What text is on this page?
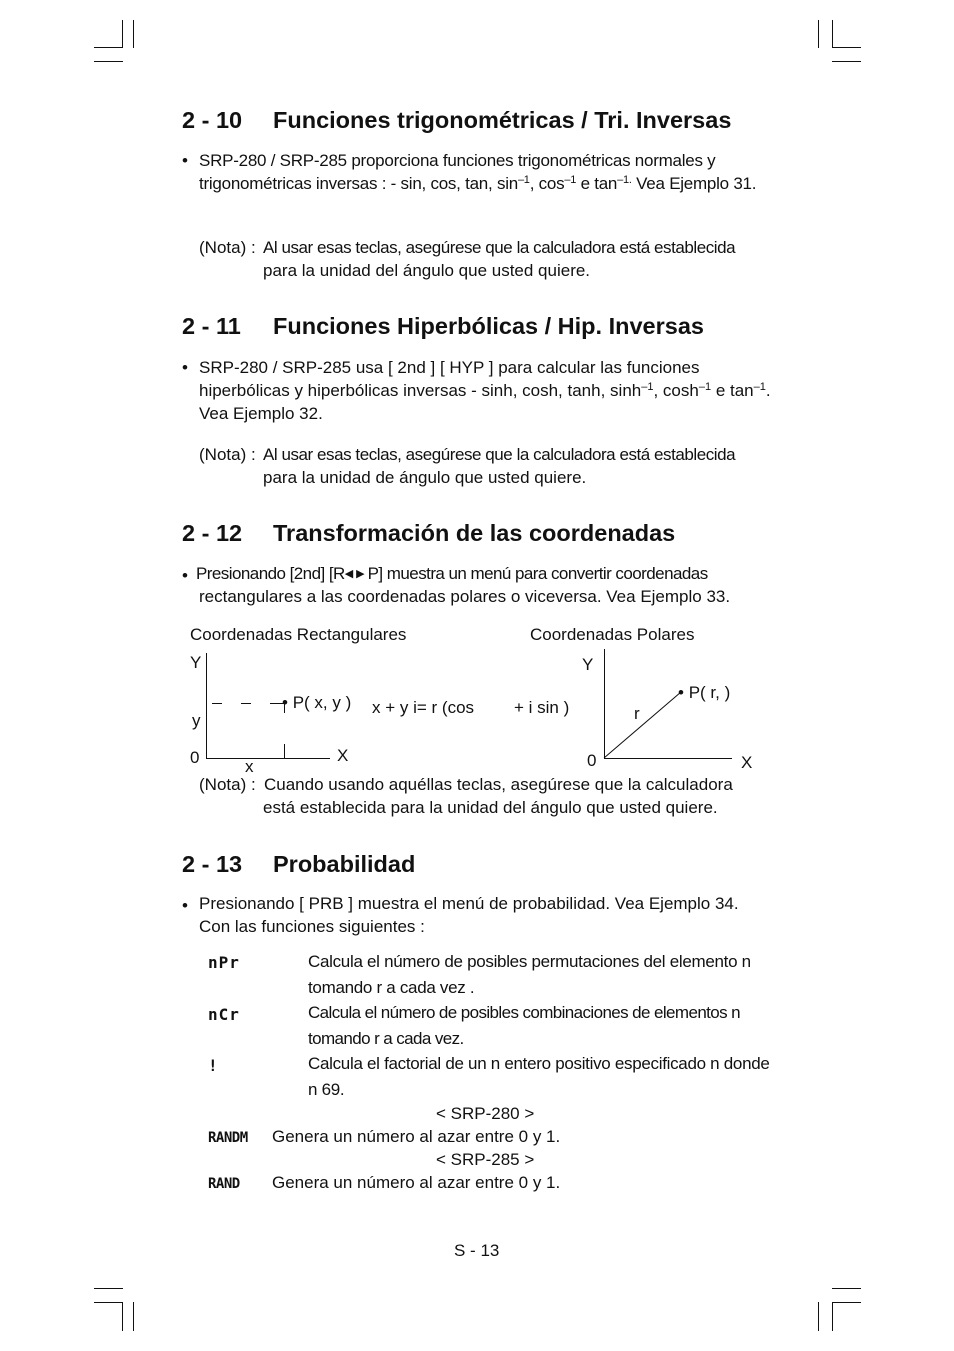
2 - 10 Funciones trigonométricas / Tri. Inversas
• SRP-280 / SRP-285 proporciona funciones trigonométricas normales y trigonométricas inversas : - sin, cos, tan, $\sin^{-1}$, $\cos^{-1} e$ $\tan^{-1.}$ Vea Ejemplo 31.
(Nota) : Al usar esas teclas, asegúrese que la calculadora está establecida
para la unidad del ángulo que usted quiere.
2 - 11 Funciones Hiperbólicas / Hip. Inversas
• SRP-280 / SRP-285 usa [ 2nd ] [ HYP ] para calcular las funciones hiperbólicas y hiperbólicas inversas - sinh, cosh, tanh, $\sinh^{-1}$, $\cosh^{-1} e$ $\tan^{-1}$. Vea Ejemplo 32.
(Nota) : Al usar esas teclas, asegúrese que la calculadora está establecida
para la unidad de ángulo que usted quiere.
2 - 12 Transformación de las coordenadas
• Presionando [2nd] [R◀▶P] muestra un menú para convertir coordenadas
rectangulares a las coordenadas polares o viceversa. Vea Ejemplo 33.
Coordenadas Rectangulares	Coordenadas Polares
Y
y
0	X
x
• P( x, y ) x + y i= r (cos + i sin )
Y
0	X
r
• P( r, )
(Nota) : Cuando usando aquéllas teclas, asegúrese que la calculadora
está establecida para la unidad del ángulo que usted quiere.
2 - 13 Probabilidad
• Presionando [ PRB ] muestra el menú de probabilidad. Vea Ejemplo 34.
Con las funciones siguientes :
nPr	Calcula el número de posibles permutaciones del elemento n tomando r a cada vez .
nCr	Calcula el número de posibles combinaciones de elementos n tomando r a cada vez.
!	Calcula el factorial de un n entero positivo especificado n donde n 69.
< SRP-280 >
RANDM Genera un número al azar entre 0 y 1.
< SRP-285 >
RAND Genera un número al azar entre 0 y 1.
S - 13
